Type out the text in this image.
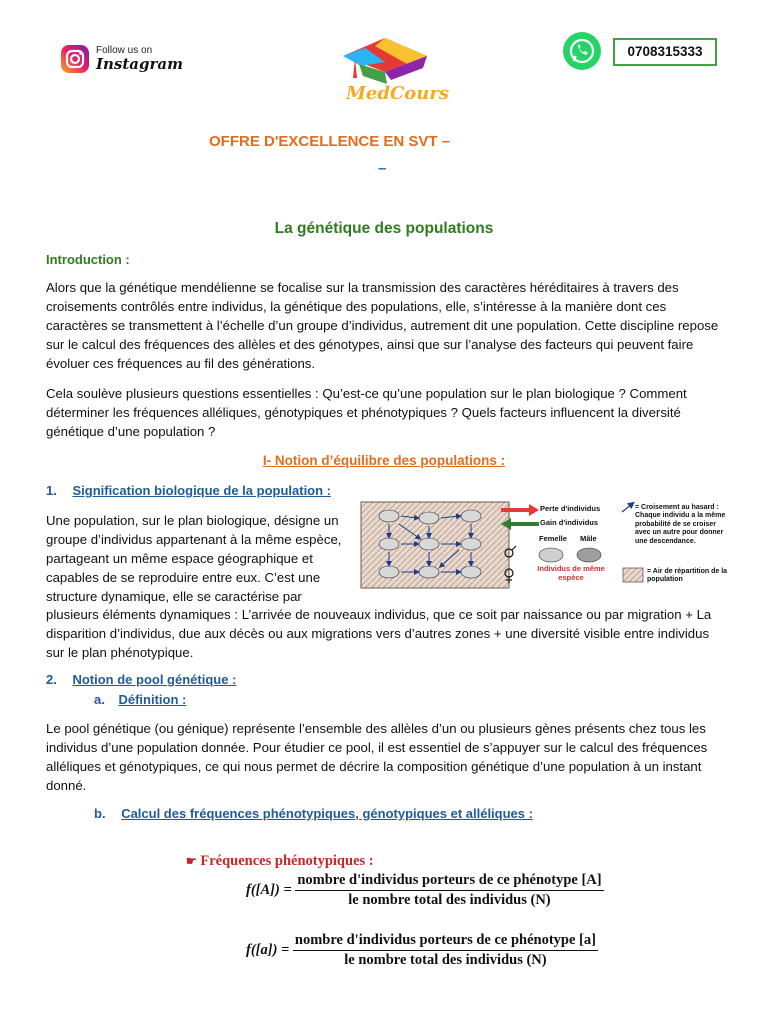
Follow us on
Instagram
MedCours
0708315333
OFFRE D'EXCELLENCE EN SVT –
–
La génétique des populations
Introduction :
Alors que la génétique mendélienne se focalise sur la transmission des caractères héréditaires à travers des croisements contrôlés entre individus, la génétique des populations, elle, s’intéresse à la manière dont ces caractères se transmettent à l’échelle d’un groupe d’individus, autrement dit une population. Cette discipline repose sur le calcul des fréquences des allèles et des génotypes, ainsi que sur l’analyse des facteurs qui peuvent faire évoluer ces fréquences au fil des générations.
Cela soulève plusieurs questions essentielles : Qu’est-ce qu’une population sur le plan biologique ? Comment déterminer les fréquences alléliques, génotypiques et phénotypiques ? Quels facteurs influencent la diversité génétique d’une population ?
I- Notion d’équilibre des populations :
1. Signification biologique de la population :
Une population, sur le plan biologique, désigne un groupe d’individus appartenant à la même espèce, partageant un même espace géographique et capables de se reproduire entre eux. C’est une structure dynamique, elle se caractérise par
plusieurs éléments dynamiques : L’arrivée de nouveaux individus, que ce soit par naissance ou par migration + La disparition d’individus, due aux décès ou aux migrations vers d’autres zones + une diversité visible entre individus sur le plan phénotypique.
Perte d'individus
Gain d'individus
Femelle Mâle
Individus de même espèce
= Croisement au hasard : Chaque individu a la même probabilité de se croiser avec un autre pour donner une descendance.
= Air de répartition de la population
2. Notion de pool génétique :
a. Définition :
Le pool génétique (ou génique) représente l’ensemble des allèles d’un ou plusieurs gènes présents chez tous les individus d’une population donnée. Pour étudier ce pool, il est essentiel de s’appuyer sur le calcul des fréquences alléliques et génotypiques, ce qui nous permet de décrire la composition génétique d’une population à un instant donné.
b. Calcul des fréquences phénotypiques, génotypiques et alléliques :
☛ Fréquences phénotypiques :
$f([A]) = \frac{\text{nombre d'individus porteurs de ce phénotype [A]}}{\text{le nombre total des individus (N)}}$
$f([a]) = \frac{\text{nombre d'individus porteurs de ce phénotype [a]}}{\text{le nombre total des individus (N)}}$
